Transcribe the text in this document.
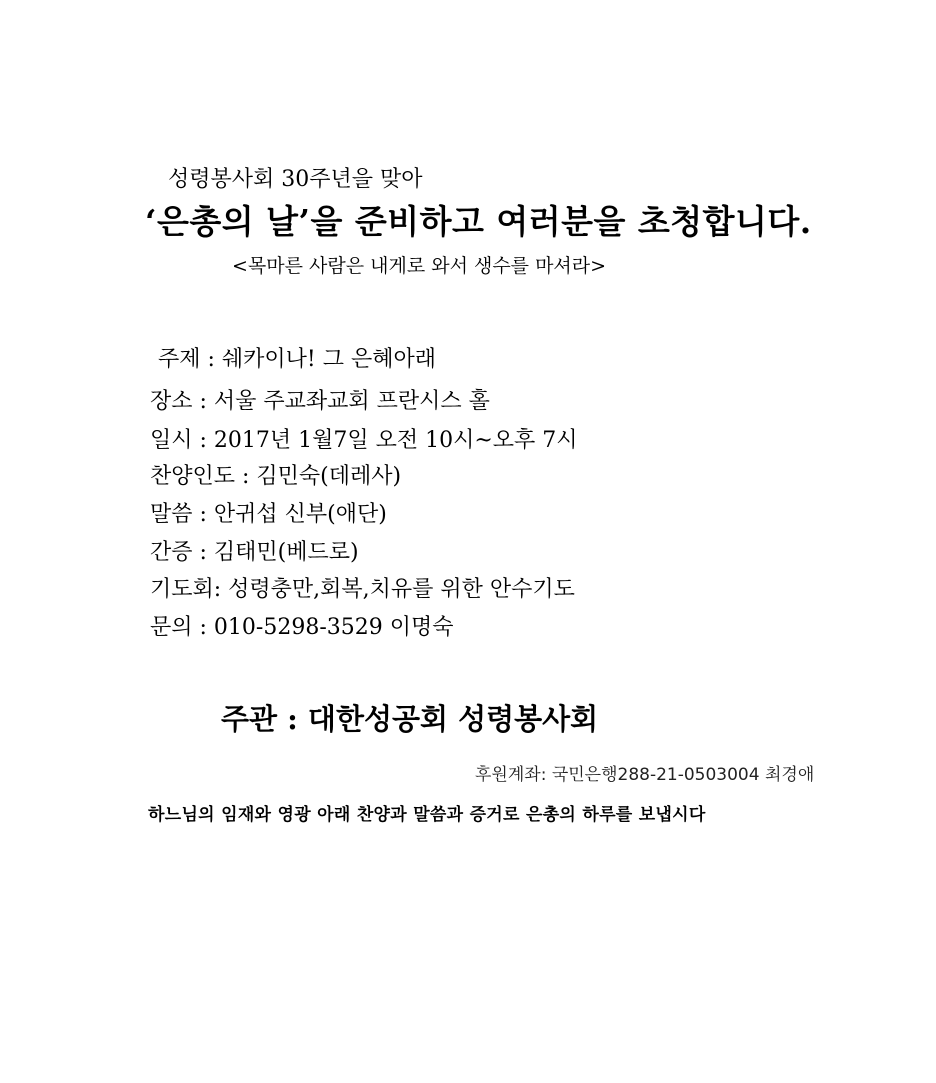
성령봉사회 30주년을 맞아

‘은총의 날’을 준비하고 여러분을 초청합니다.

<목마른 사람은 내게로 와서 생수를 마셔라>

주제 : 쉐카이나! 그 은혜아래

장소 : 서울 주교좌교회 프란시스 홀

일시 : 2017년 1월7일 오전 10시~오후 7시

찬양인도 : 김민숙(데레사)

말씀 : 안귀섭 신부(애단)

간증 : 김태민(베드로)

기도회: 성령충만,회복,치유를 위한 안수기도

문의 : 010-5298-3529 이명숙

주관 : 대한성공회 성령봉사회

후원계좌: 국민은행288-21-0503004 최경애

하느님의 임재와 영광 아래 찬양과 말씀과 증거로 은총의 하루를 보냅시다
